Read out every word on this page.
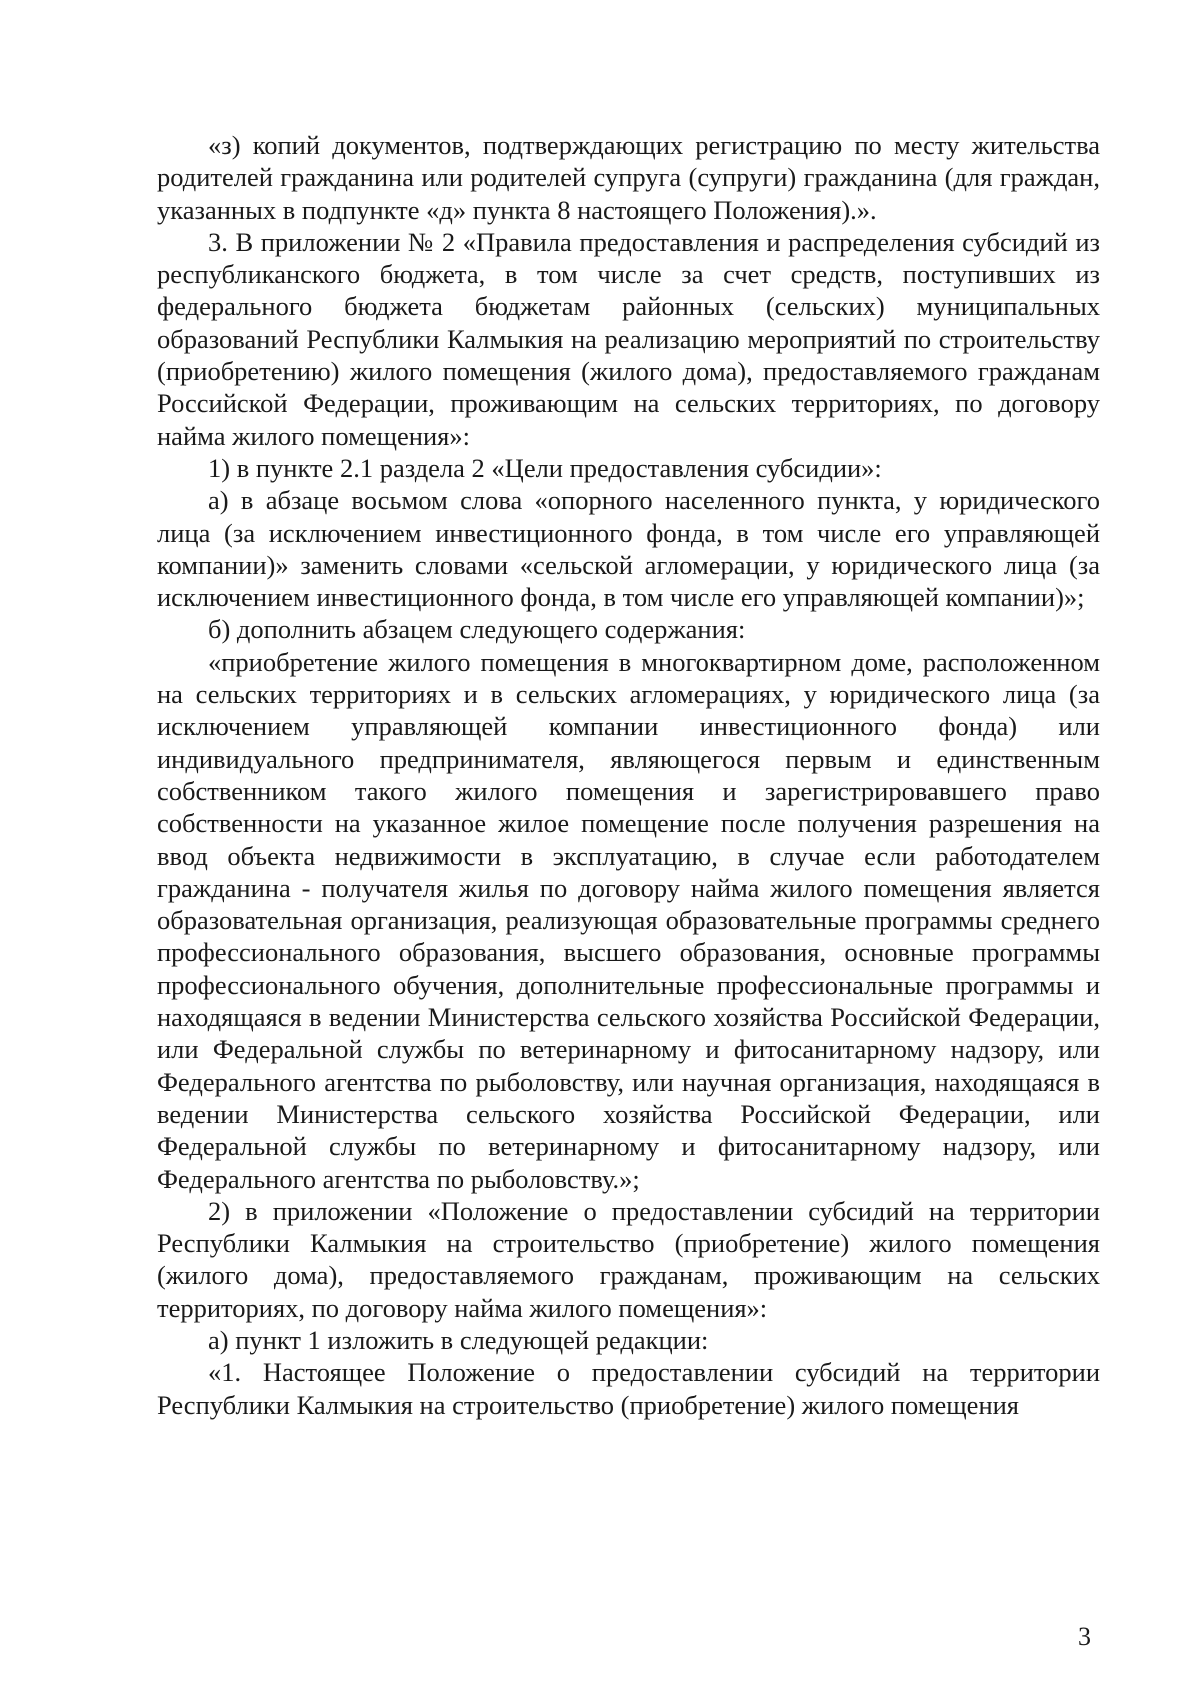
«з) копий документов, подтверждающих регистрацию по месту жительства родителей гражданина или родителей супруга (супруги) гражданина (для граждан, указанных в подпункте «д» пункта 8 настоящего Положения).».

3. В приложении № 2 «Правила предоставления и распределения субсидий из республиканского бюджета, в том числе за счет средств, поступивших из федерального бюджета бюджетам районных (сельских) муниципальных образований Республики Калмыкия на реализацию мероприятий по строительству (приобретению) жилого помещения (жилого дома), предоставляемого гражданам Российской Федерации, проживающим на сельских территориях, по договору найма жилого помещения»:

1) в пункте 2.1 раздела 2 «Цели предоставления субсидии»:

а) в абзаце восьмом слова «опорного населенного пункта, у юридического лица (за исключением инвестиционного фонда, в том числе его управляющей компании)» заменить словами «сельской агломерации, у юридического лица (за исключением инвестиционного фонда, в том числе его управляющей компании)»;

б) дополнить абзацем следующего содержания:

«приобретение жилого помещения в многоквартирном доме, расположенном на сельских территориях и в сельских агломерациях, у юридического лица (за исключением управляющей компании инвестиционного фонда) или индивидуального предпринимателя, являющегося первым и единственным собственником такого жилого помещения и зарегистрировавшего право собственности на указанное жилое помещение после получения разрешения на ввод объекта недвижимости в эксплуатацию, в случае если работодателем гражданина - получателя жилья по договору найма жилого помещения является образовательная организация, реализующая образовательные программы среднего профессионального образования, высшего образования, основные программы профессионального обучения, дополнительные профессиональные программы и находящаяся в ведении Министерства сельского хозяйства Российской Федерации, или Федеральной службы по ветеринарному и фитосанитарному надзору, или Федерального агентства по рыболовству, или научная организация, находящаяся в ведении Министерства сельского хозяйства Российской Федерации, или Федеральной службы по ветеринарному и фитосанитарному надзору, или Федерального агентства по рыболовству.»;

2) в приложении «Положение о предоставлении субсидий на территории Республики Калмыкия на строительство (приобретение) жилого помещения (жилого дома), предоставляемого гражданам, проживающим на сельских территориях, по договору найма жилого помещения»:

а) пункт 1 изложить в следующей редакции:

«1. Настоящее Положение о предоставлении субсидий на территории Республики Калмыкия на строительство (приобретение) жилого помещения

3
